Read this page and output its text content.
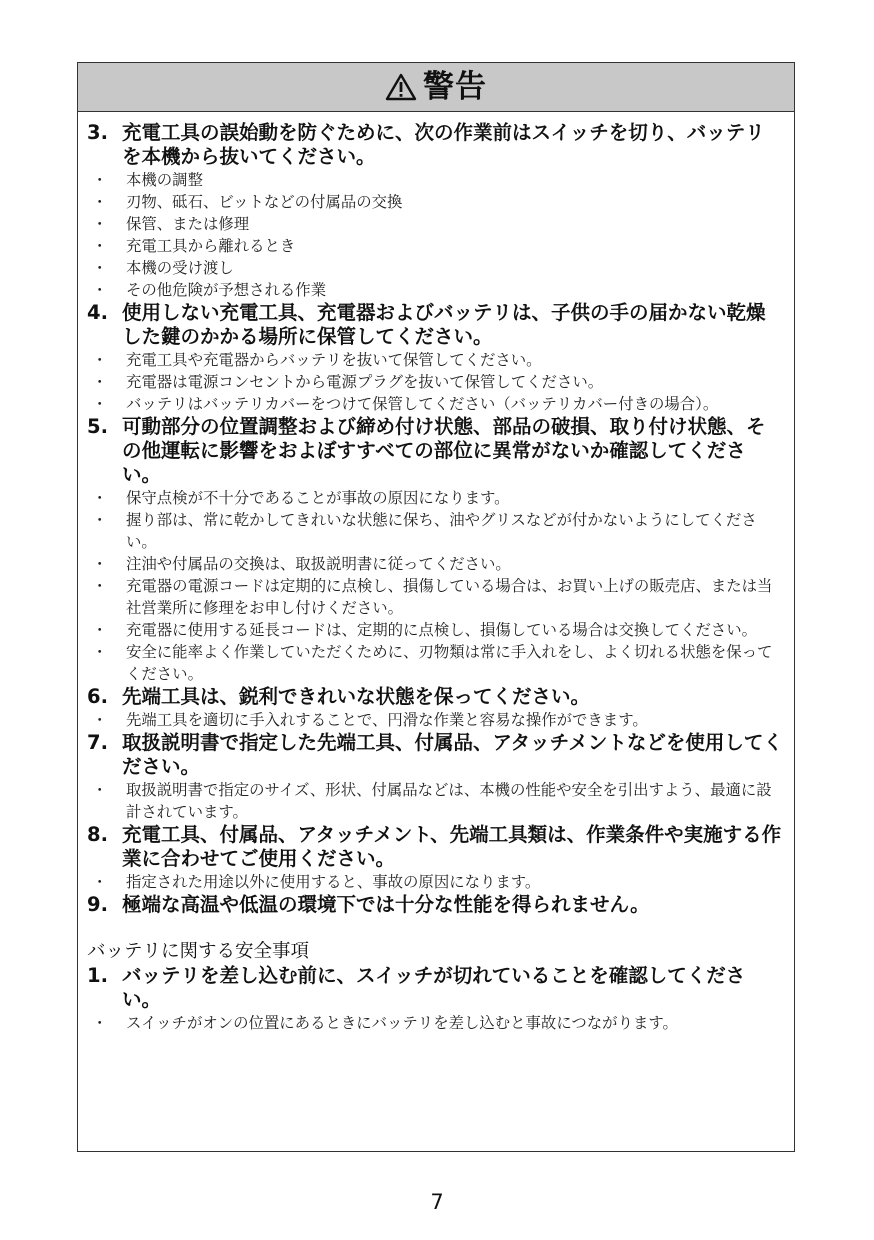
警告
3. 充電工具の誤始動を防ぐために、次の作業前はスイッチを切り、バッテリを本機から抜いてください。
・	本機の調整
・	刃物、砥石、ビットなどの付属品の交換
・	保管、または修理
・	充電工具から離れるとき
・	本機の受け渡し
・	その他危険が予想される作業
4. 使用しない充電工具、充電器およびバッテリは、子供の手の届かない乾燥した鍵のかかる場所に保管してください。
・	充電工具や充電器からバッテリを抜いて保管してください。
・	充電器は電源コンセントから電源プラグを抜いて保管してください。
・	バッテリはバッテリカバーをつけて保管してください（バッテリカバー付きの場合）。
5. 可動部分の位置調整および締め付け状態、部品の破損、取り付け状態、その他運転に影響をおよぼすすべての部位に異常がないか確認してください。
・	保守点検が不十分であることが事故の原因になります。
・	握り部は、常に乾かしてきれいな状態に保ち、油やグリスなどが付かないようにしてください。
・	注油や付属品の交換は、取扱説明書に従ってください。
・	充電器の電源コードは定期的に点検し、損傷している場合は、お買い上げの販売店、または当社営業所に修理をお申し付けください。
・	充電器に使用する延長コードは、定期的に点検し、損傷している場合は交換してください。
・	安全に能率よく作業していただくために、刃物類は常に手入れをし、よく切れる状態を保ってください。
6. 先端工具は、鋭利できれいな状態を保ってください。
・	先端工具を適切に手入れすることで、円滑な作業と容易な操作ができます。
7. 取扱説明書で指定した先端工具、付属品、アタッチメントなどを使用してください。
・	取扱説明書で指定のサイズ、形状、付属品などは、本機の性能や安全を引出すよう、最適に設計されています。
8. 充電工具、付属品、アタッチメント、先端工具類は、作業条件や実施する作業に合わせてご使用ください。
・	指定された用途以外に使用すると、事故の原因になります。
9. 極端な高温や低温の環境下では十分な性能を得られません。
バッテリに関する安全事項
1. バッテリを差し込む前に、スイッチが切れていることを確認してください。
・	スイッチがオンの位置にあるときにバッテリを差し込むと事故につながります。
7
